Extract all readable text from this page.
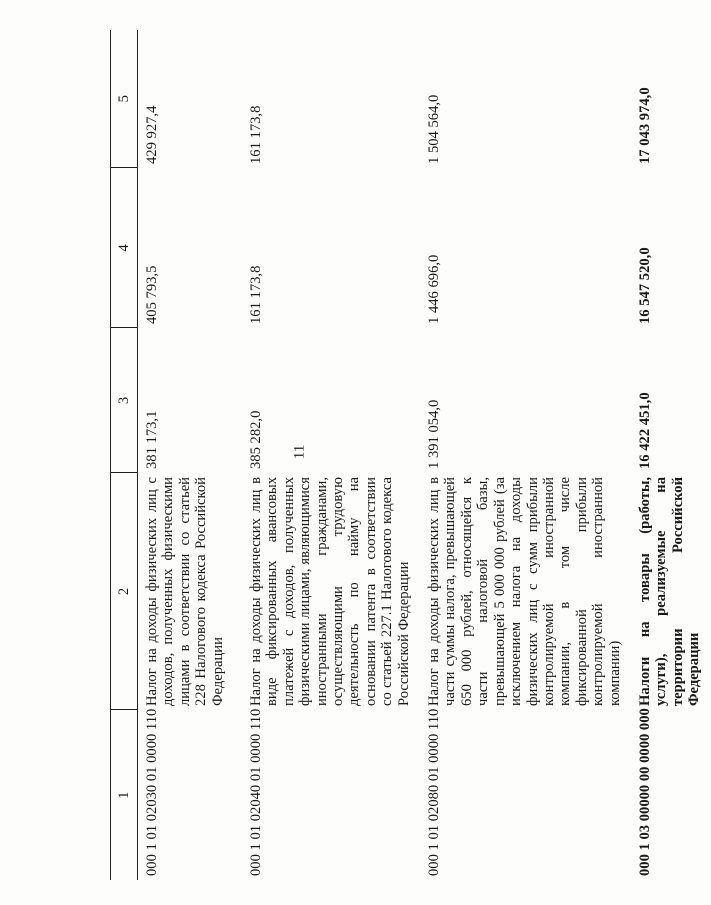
11
1	2	3	4	5
000 1 01 02030 01 0000 110	Налог на доходы физических лиц с доходов, полученных физическими лицами в соответствии со статьей 228 Налогового кодекса Российской Федерации	381 173,1	405 793,5	429 927,4
000 1 01 02040 01 0000 110	Налог на доходы физических лиц в виде фиксированных авансовых платежей с доходов, полученных физическими лицами, являющимися иностранными гражданами, осуществляющими трудовую деятельность по найму на основании патента в соответствии со статьей 227.1 Налогового кодекса Российской Федерации	385 282,0	161 173,8	161 173,8
000 1 01 02080 01 0000 110	Налог на доходы физических лиц в части суммы налога, превышающей 650 000 рублей, относящейся к части налоговой базы, превышающей 5 000 000 рублей (за исключением налога на доходы физических лиц с сумм прибыли контролируемой иностранной компании, в том числе фиксированной прибыли контролируемой иностранной компании)	1 391 054,0	1 446 696,0	1 504 564,0
000 1 03 00000 00 0000 000	Налоги на товары (работы, услуги), реализуемые на территории Российской Федерации	16 422 451,0	16 547 520,0	17 043 974,0
